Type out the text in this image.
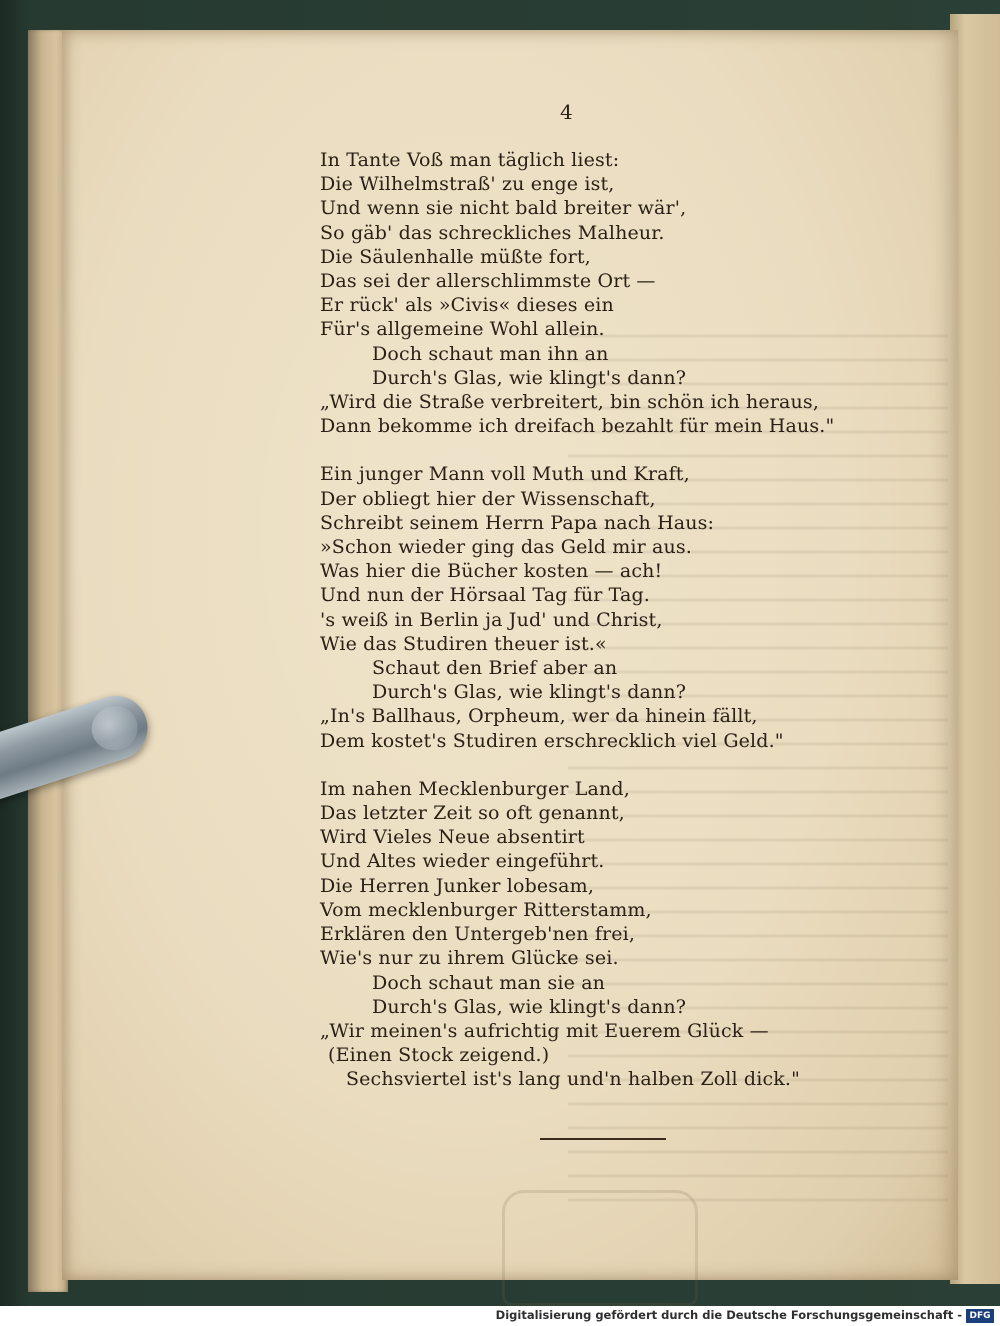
4
In Tante Voß man täglich liest:
Die Wilhelmstraß' zu enge ist,
Und wenn sie nicht bald breiter wär',
So gäb' das schreckliches Malheur.
Die Säulenhalle müßte fort,
Das sei der allerschlimmste Ort —
Er rück' als »Civis« dieses ein
Für's allgemeine Wohl allein.
Doch schaut man ihn an
Durch's Glas, wie klingt's dann?
„Wird die Straße verbreitert, bin schön ich heraus,
Dann bekomme ich dreifach bezahlt für mein Haus."
Ein junger Mann voll Muth und Kraft,
Der obliegt hier der Wissenschaft,
Schreibt seinem Herrn Papa nach Haus:
»Schon wieder ging das Geld mir aus.
Was hier die Bücher kosten — ach!
Und nun der Hörsaal Tag für Tag.
's weiß in Berlin ja Jud' und Christ,
Wie das Studiren theuer ist.«
Schaut den Brief aber an
Durch's Glas, wie klingt's dann?
„In's Ballhaus, Orpheum, wer da hinein fällt,
Dem kostet's Studiren erschrecklich viel Geld."
Im nahen Mecklenburger Land,
Das letzter Zeit so oft genannt,
Wird Vieles Neue absentirt
Und Altes wieder eingeführt.
Die Herren Junker lobesam,
Vom mecklenburger Ritterstamm,
Erklären den Untergeb'nen frei,
Wie's nur zu ihrem Glücke sei.
Doch schaut man sie an
Durch's Glas, wie klingt's dann?
„Wir meinen's aufrichtig mit Euerem Glück —
(Einen Stock zeigend.)
Sechsviertel ist's lang und'n halben Zoll dick."
Digitalisierung gefördert durch die Deutsche Forschungsgemeinschaft - DFG
